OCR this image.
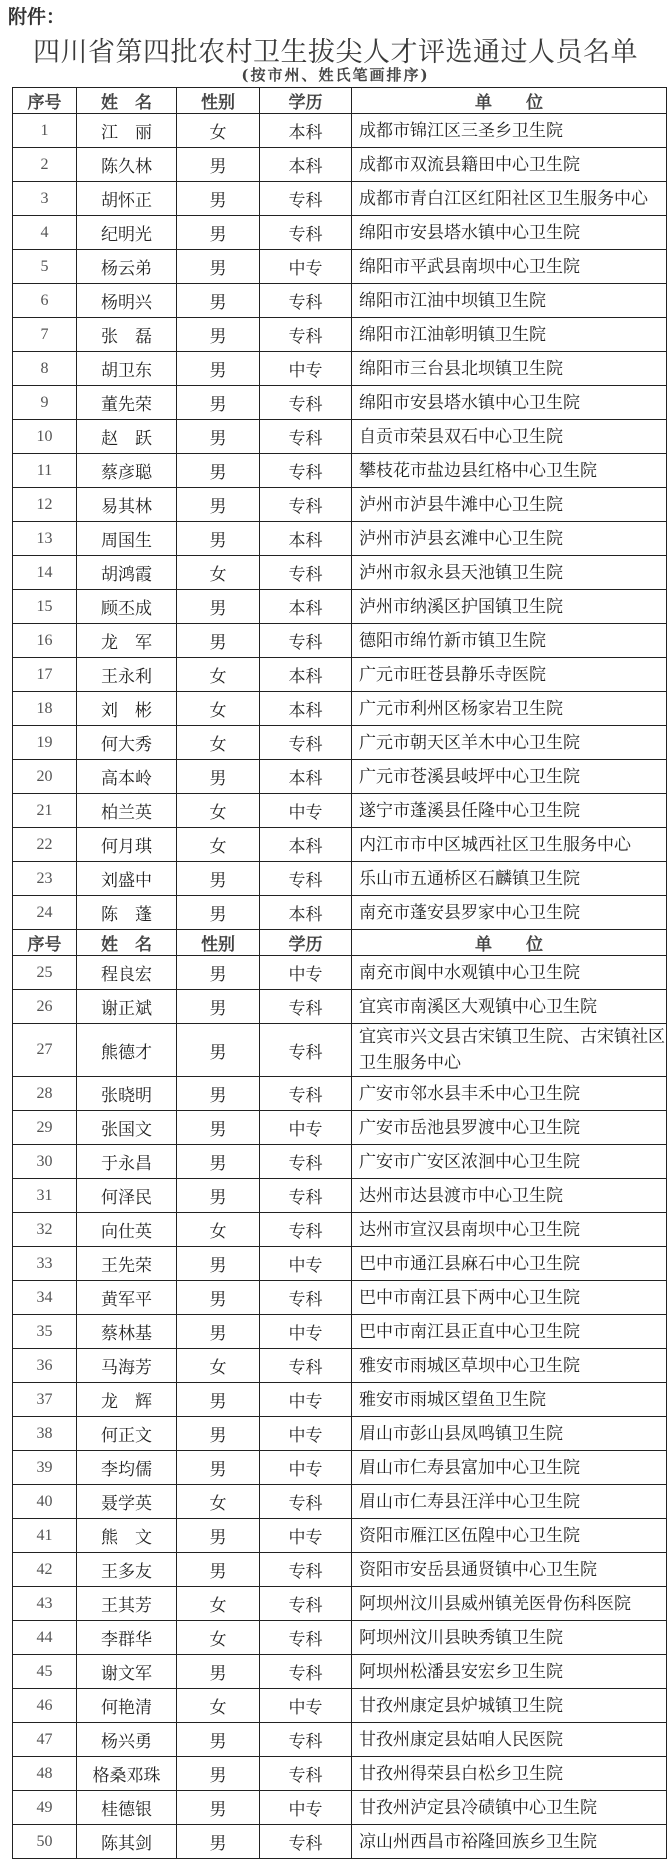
附件：
四川省第四批农村卫生拔尖人才评选通过人员名单
(按市州、姓氏笔画排序)
序号	姓　名	性别	学历	单　　位
1	江　丽	女	本科	成都市锦江区三圣乡卫生院
2	陈久林	男	本科	成都市双流县籍田中心卫生院
3	胡怀正	男	专科	成都市青白江区红阳社区卫生服务中心
4	纪明光	男	专科	绵阳市安县塔水镇中心卫生院
5	杨云弟	男	中专	绵阳市平武县南坝中心卫生院
6	杨明兴	男	专科	绵阳市江油中坝镇卫生院
7	张　磊	男	专科	绵阳市江油彰明镇卫生院
8	胡卫东	男	中专	绵阳市三台县北坝镇卫生院
9	董先荣	男	专科	绵阳市安县塔水镇中心卫生院
10	赵　跃	男	专科	自贡市荣县双石中心卫生院
11	蔡彦聪	男	专科	攀枝花市盐边县红格中心卫生院
12	易其林	男	专科	泸州市泸县牛滩中心卫生院
13	周国生	男	本科	泸州市泸县玄滩中心卫生院
14	胡鸿霞	女	专科	泸州市叙永县天池镇卫生院
15	顾丕成	男	本科	泸州市纳溪区护国镇卫生院
16	龙　军	男	专科	德阳市绵竹新市镇卫生院
17	王永利	女	本科	广元市旺苍县静乐寺医院
18	刘　彬	女	本科	广元市利州区杨家岩卫生院
19	何大秀	女	专科	广元市朝天区羊木中心卫生院
20	高本岭	男	本科	广元市苍溪县岐坪中心卫生院
21	柏兰英	女	中专	遂宁市蓬溪县任隆中心卫生院
22	何月琪	女	本科	内江市市中区城西社区卫生服务中心
23	刘盛中	男	专科	乐山市五通桥区石麟镇卫生院
24	陈　蓬	男	本科	南充市蓬安县罗家中心卫生院
序号	姓　名	性别	学历	单　　位
25	程良宏	男	中专	南充市阆中水观镇中心卫生院
26	谢正斌	男	专科	宜宾市南溪区大观镇中心卫生院
27	熊德才	男	专科	宜宾市兴文县古宋镇卫生院、古宋镇社区卫生服务中心
28	张晓明	男	专科	广安市邻水县丰禾中心卫生院
29	张国文	男	中专	广安市岳池县罗渡中心卫生院
30	于永昌	男	专科	广安市广安区浓洄中心卫生院
31	何泽民	男	专科	达州市达县渡市中心卫生院
32	向仕英	女	专科	达州市宣汉县南坝中心卫生院
33	王先荣	男	中专	巴中市通江县麻石中心卫生院
34	黄军平	男	专科	巴中市南江县下两中心卫生院
35	蔡林基	男	中专	巴中市南江县正直中心卫生院
36	马海芳	女	专科	雅安市雨城区草坝中心卫生院
37	龙　辉	男	中专	雅安市雨城区望鱼卫生院
38	何正文	男	中专	眉山市彭山县凤鸣镇卫生院
39	李均儒	男	中专	眉山市仁寿县富加中心卫生院
40	聂学英	女	专科	眉山市仁寿县汪洋中心卫生院
41	熊　文	男	中专	资阳市雁江区伍隍中心卫生院
42	王多友	男	专科	资阳市安岳县通贤镇中心卫生院
43	王其芳	女	专科	阿坝州汶川县威州镇羌医骨伤科医院
44	李群华	女	专科	阿坝州汶川县映秀镇卫生院
45	谢文军	男	专科	阿坝州松潘县安宏乡卫生院
46	何艳清	女	中专	甘孜州康定县炉城镇卫生院
47	杨兴勇	男	专科	甘孜州康定县姑咱人民医院
48	格桑邓珠	男	专科	甘孜州得荣县白松乡卫生院
49	桂德银	男	中专	甘孜州泸定县冷碛镇中心卫生院
50	陈其剑	男	专科	凉山州西昌市裕隆回族乡卫生院
